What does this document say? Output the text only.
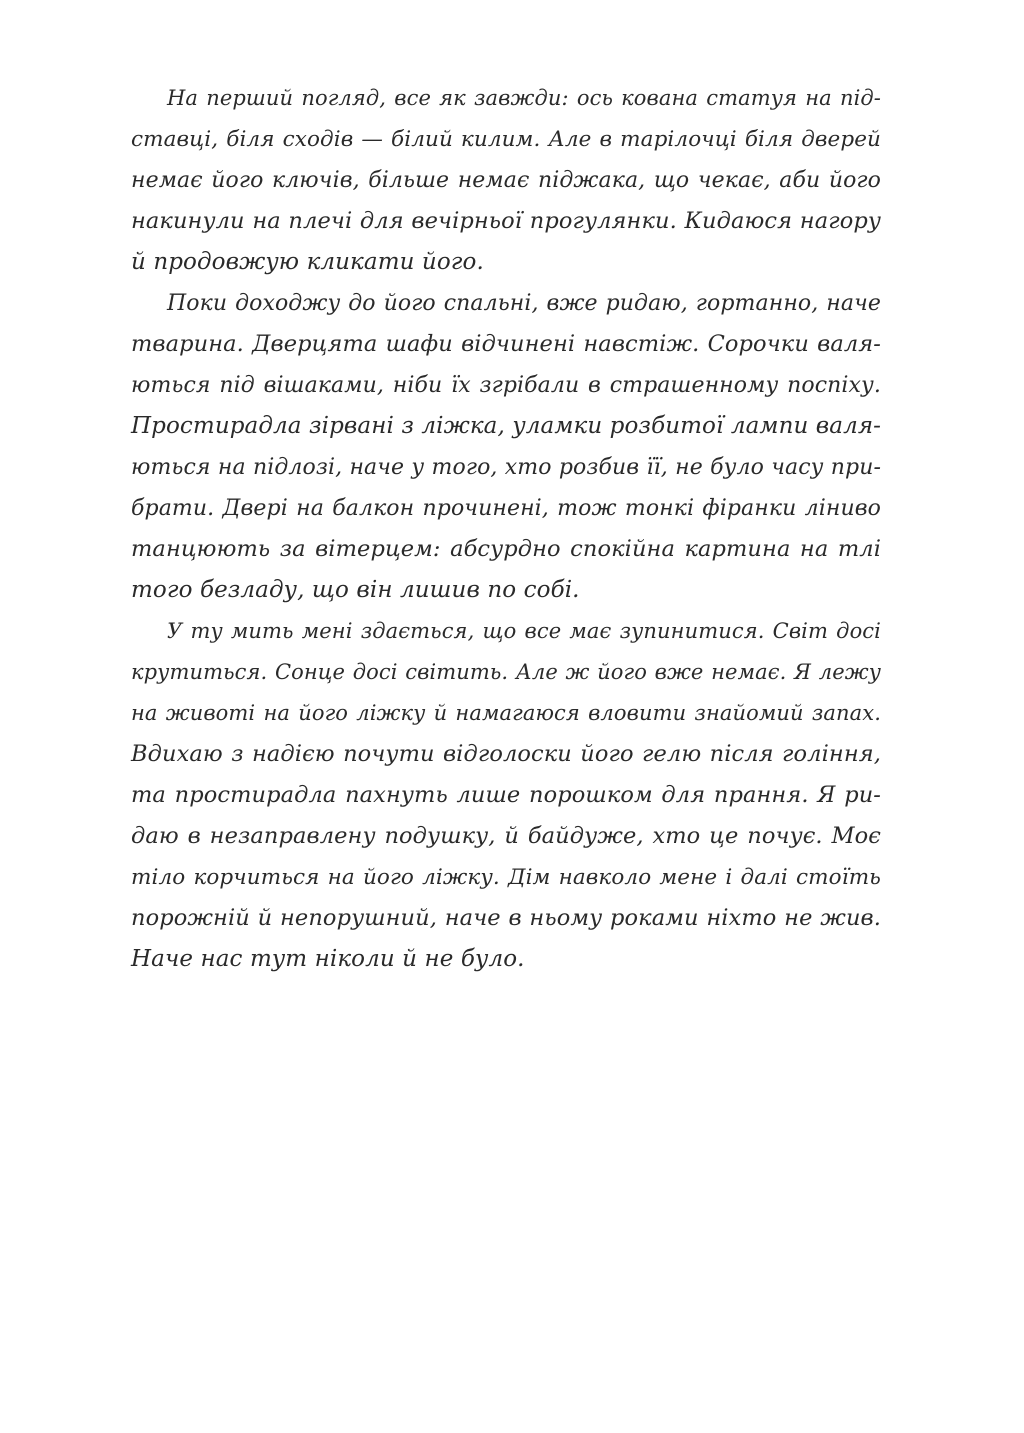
На перший погляд, все як завжди: ось кована статуя на під-
ставці, біля сходів — білий килим. Але в тарілочці біля дверей
немає його ключів, більше немає піджака, що чекає, аби його
накинули на плечі для вечірньої прогулянки. Кидаюся нагору
й продовжую кликати його.
Поки доходжу до його спальні, вже ридаю, гортанно, наче
тварина. Дверцята шафи відчинені навстіж. Сорочки валя-
ються під вішаками, ніби їх згрібали в страшенному поспіху.
Простирадла зірвані з ліжка, уламки розбитої лампи валя-
ються на підлозі, наче у того, хто розбив її, не було часу при-
брати. Двері на балкон прочинені, тож тонкі фіранки ліниво
танцюють за вітерцем: абсурдно спокійна картина на тлі
того безладу, що він лишив по собі.
У ту мить мені здається, що все має зупинитися. Світ досі
крутиться. Сонце досі світить. Але ж його вже немає. Я лежу
на животі на його ліжку й намагаюся вловити знайомий запах.
Вдихаю з надією почути відголоски його гелю після гоління,
та простирадла пахнуть лише порошком для прання. Я ри-
даю в незаправлену подушку, й байдуже, хто це почує. Моє
тіло корчиться на його ліжку. Дім навколо мене і далі стоїть
порожній й непорушний, наче в ньому роками ніхто не жив.
Наче нас тут ніколи й не було.
